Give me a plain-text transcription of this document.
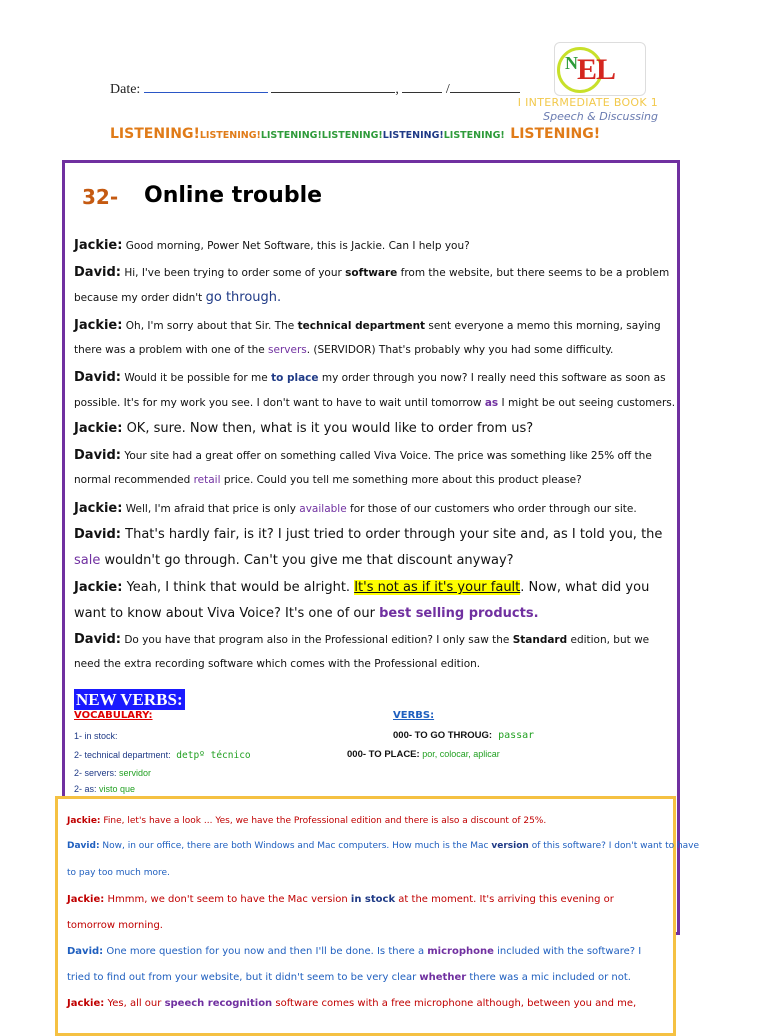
Date:	,	/
$^N$EL
I INTERMEDIATE BOOK 1
Speech & Discussing
LISTENING!LISTENING!LISTENING!LISTENING!LISTENING!LISTENING! LISTENING!
32- Online trouble
Jackie: Good morning, Power Net Software, this is Jackie. Can I help you?
David: Hi, I've been trying to order some of your software from the website, but there seems to be a problem
because my order didn't go through.
Jackie: Oh, I'm sorry about that Sir. The technical department sent everyone a memo this morning, saying
there was a problem with one of the servers. (SERVIDOR) That's probably why you had some difficulty.
David: Would it be possible for me to place my order through you now? I really need this software as soon as
possible. It's for my work you see. I don't want to have to wait until tomorrow as I might be out seeing customers.
Jackie: OK, sure. Now then, what is it you would like to order from us?
David: Your site had a great offer on something called Viva Voice. The price was something like 25% off the
normal recommended retail price. Could you tell me something more about this product please?
Jackie: Well, I'm afraid that price is only available for those of our customers who order through our site.
David: That's hardly fair, is it? I just tried to order through your site and, as I told you, the
sale wouldn't go through. Can't you give me that discount anyway?
Jackie: Yeah, I think that would be alright. It's not as if it's your fault. Now, what did you
want to know about Viva Voice? It's one of our best selling products.
David: Do you have that program also in the Professional edition? I only saw the Standard edition, but we
need the extra recording software which comes with the Professional edition.
NEW VERBS:
VOCABULARY:	VERBS:
1- in stock:
2- technical department: detpº técnico
2- servers: servidor
2- as: visto que
000- TO GO THROUG: passar
000- TO PLACE: por, colocar, aplicar
Jackie: Fine, let's have a look ... Yes, we have the Professional edition and there is also a discount of 25%.
David: Now, in our office, there are both Windows and Mac computers. How much is the Mac version of this software? I don't want to have
to pay too much more.
Jackie: Hmmm, we don't seem to have the Mac version in stock at the moment. It's arriving this evening or
tomorrow morning.
David: One more question for you now and then I'll be done. Is there a microphone included with the software? I
tried to find out from your website, but it didn't seem to be very clear whether there was a mic included or not.
Jackie: Yes, all our speech recognition software comes with a free microphone although, between you and me,
